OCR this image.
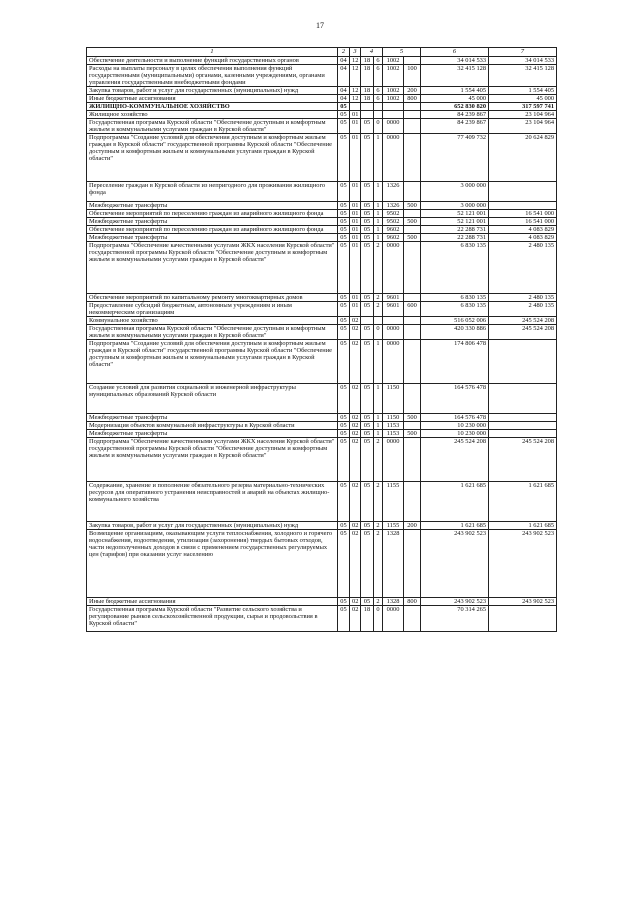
17
1	2	3	4		5		6	7
Обеспечение деятельности и выполнение функций государственных органов	04	12	18	6	1002		34 014 533	34 014 533
Расходы на выплаты персоналу в целях обеспечения выполнения функций государственными (муниципальными) органами, казенными учреждениями, органами управления государственными внебюджетными фондами	04	12	18	6	1002	100	32 415 128	32 415 128
Закупка товаров, работ и услуг для государственных (муниципальных) нужд	04	12	18	6	1002	200	1 554 405	1 554 405
Иные бюджетные ассигнования	04	12	18	6	1002	800	45 000	45 000
ЖИЛИЩНО-КОММУНАЛЬНОЕ ХОЗЯЙСТВО	05						652 830 820	317 597 741
Жилищное хозяйство	05	01					84 239 867	23 104 964
Государственная программа Курской области "Обеспечение доступным и комфортным жильем и коммунальными услугами граждан в Курской области"	05	01	05	0	0000		84 239 867	23 104 964
Подпрограмма "Создание условий для обеспечения доступным и комфортным жильем граждан в Курской области" государственной программы Курской области "Обеспечение доступным и комфортным жильем и коммунальными услугами граждан в Курской области"	05	01	05	1	0000		77 409 732	20 624 829
Переселение граждан в Курской области из непригодного для проживания жилищного фонда	05	01	05	1	1326		3 000 000	
Межбюджетные трансферты	05	01	05	1	1326	500	3 000 000	
Обеспечение мероприятий по переселению граждан из аварийного жилищного фонда	05	01	05	1	9502		52 121 001	16 541 000
Межбюджетные трансферты	05	01	05	1	9502	500	52 121 001	16 541 000
Обеспечение мероприятий по переселению граждан из аварийного жилищного фонда	05	01	05	1	9602		22 288 731	4 083 829
Межбюджетные трансферты	05	01	05	1	9602	500	22 288 731	4 083 829
Подпрограмма "Обеспечение качественными услугами ЖКХ населения Курской области" государственной программы Курской области "Обеспечение доступным и комфортным жильем и коммунальными услугами граждан в Курской области"	05	01	05	2	0000		6 830 135	2 480 135
Обеспечение мероприятий по капитальному ремонту многоквартирных домов	05	01	05	2	9601		6 830 135	2 480 135
Предоставление субсидий бюджетным, автономным учреждениям и иным некоммерческим организациям	05	01	05	2	9601	600	6 830 135	2 480 135
Коммунальное хозяйство	05	02					516 052 006	245 524 208
Государственная программа Курской области "Обеспечение доступным и комфортным жильем и коммунальными услугами граждан в Курской области"	05	02	05	0	0000		420 330 886	245 524 208
Подпрограмма "Создание условий для обеспечения доступным и комфортным жильем граждан в Курской области" государственной программы Курской области "Обеспечение доступным и комфортным жильем и коммунальными услугами граждан в Курской области"	05	02	05	1	0000		174 806 478	
Создание условий для развития социальной и инженерной инфраструктуры муниципальных образований Курской области	05	02	05	1	1150		164 576 478	
Межбюджетные трансферты	05	02	05	1	1150	500	164 576 478	
Модернизация объектов коммунальной инфраструктуры в Курской области	05	02	05	1	1153		10 230 000	
Межбюджетные трансферты	05	02	05	1	1153	500	10 230 000	
Подпрограмма "Обеспечение качественными услугами ЖКХ населения Курской области" государственной программы Курской области "Обеспечение доступным и комфортным жильем и коммунальными услугами граждан в Курской области"	05	02	05	2	0000		245 524 208	245 524 208
Содержание, хранение и пополнение обязательного резерва материально-технических ресурсов для оперативного устранения неисправностей и аварий на объектах жилищно-коммунального хозяйства	05	02	05	2	1155		1 621 685	1 621 685
Закупка товаров, работ и услуг для государственных (муниципальных) нужд	05	02	05	2	1155	200	1 621 685	1 621 685
Возмещение организациям, оказывающим услуги теплоснабжения, холодного и горячего водоснабжения, водоотведения, утилизации (захоронения) твердых бытовых отходов, части недополученных доходов в связи с применением государственных регулируемых цен (тарифов) при оказании услуг населению	05	02	05	2	1328		243 902 523	243 902 523
Иные бюджетные ассигнования	05	02	05	2	1328	800	243 902 523	243 902 523
Государственная программа Курской области "Развитие сельского хозяйства и регулирование рынков сельскохозяйственной продукции, сырья и продовольствия в Курской области"	05	02	18	0	0000		70 314 265	
